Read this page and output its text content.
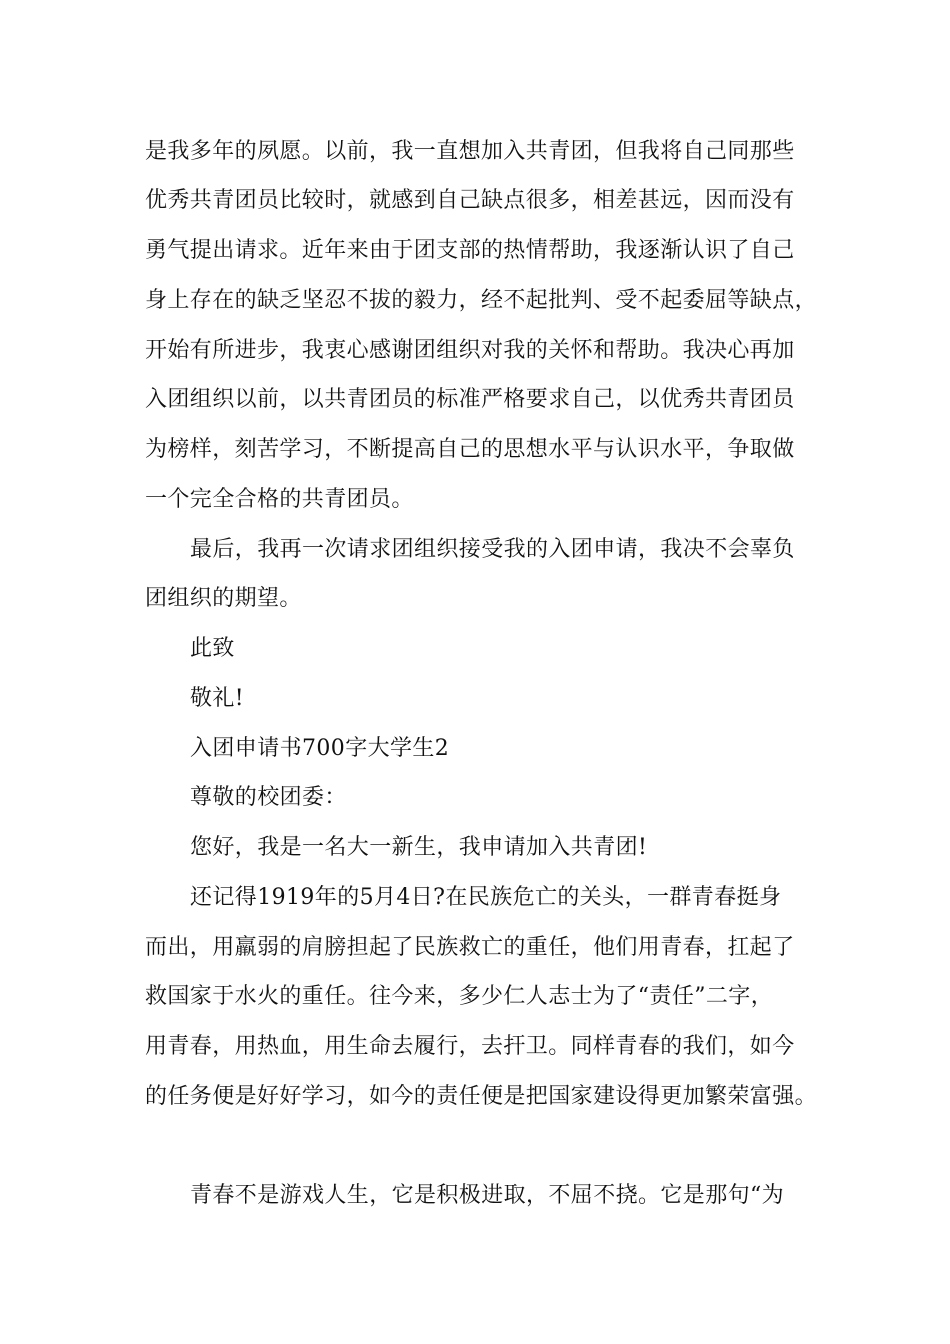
是我多年的夙愿。以前，我一直想加入共青团，但我将自己同那些
优秀共青团员比较时，就感到自己缺点很多，相差甚远，因而没有
勇气提出请求。近年来由于团支部的热情帮助，我逐渐认识了自己
身上存在的缺乏坚忍不拔的毅力，经不起批判、受不起委屈等缺点，
开始有所进步，我衷心感谢团组织对我的关怀和帮助。我决心再加
入团组织以前，以共青团员的标准严格要求自己，以优秀共青团员
为榜样，刻苦学习，不断提高自己的思想水平与认识水平，争取做
一个完全合格的共青团员。
最后，我再一次请求团组织接受我的入团申请，我决不会辜负
团组织的期望。
此致
敬礼!
入团申请书700字大学生2
尊敬的校团委：
您好，我是一名大一新生，我申请加入共青团!
还记得1919年的5月4日?在民族危亡的关头，一群青春挺身
而出，用羸弱的肩膀担起了民族救亡的重任，他们用青春，扛起了
救国家于水火的重任。往今来，多少仁人志士为了“责任”二字，
用青春，用热血，用生命去履行，去扞卫。同样青春的我们，如今
的任务便是好好学习，如今的责任便是把国家建设得更加繁荣富强。
青春不是游戏人生，它是积极进取，不屈不挠。它是那句“为
